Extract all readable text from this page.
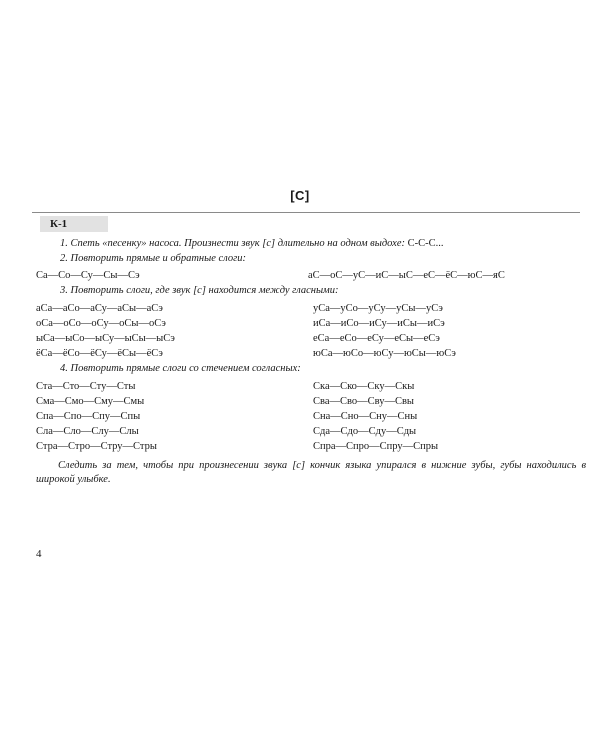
[С]
К-1
1. Спеть «песенку» насоса. Произнести звук [с] длительно на одном выдохе: С-С-С...
2. Повторить прямые и обратные слоги:
Са—Со—Су—Сы—Сэ	аС—оС—уС—иС—ыС—еС—ёС—юС—яС
3. Повторить слоги, где звук [с] находится между гласными:
аСа—аСо—аСу—аСы—аСэ
оСа—оСо—оСу—оСы—оСэ
ыСа—ыСо—ыСу—ыСы—ыСэ
ёСа—ёСо—ёСу—ёСы—ёСэ
уСа—уСо—уСу—уСы—уСэ
иСа—иСо—иСу—иСы—иСэ
еСа—еСо—еСу—еСы—еСэ
юСа—юСо—юСу—юСы—юСэ
4. Повторить прямые слоги со стечением согласных:
Ста—Сто—Сту—Сты
Сма—Смо—Сму—Смы
Спа—Спо—Спу—Спы
Сла—Сло—Слу—Слы
Стра—Стро—Стру—Стры
Ска—Ско—Ску—Скы
Сва—Сво—Сву—Свы
Сна—Сно—Сну—Сны
Сда—Сдо—Сду—Сды
Спра—Спро—Спру—Спры
Следить за тем, чтобы при произнесении звука [с] кончик языка упирался в нижние зубы, губы находились в широкой улыбке.
4
